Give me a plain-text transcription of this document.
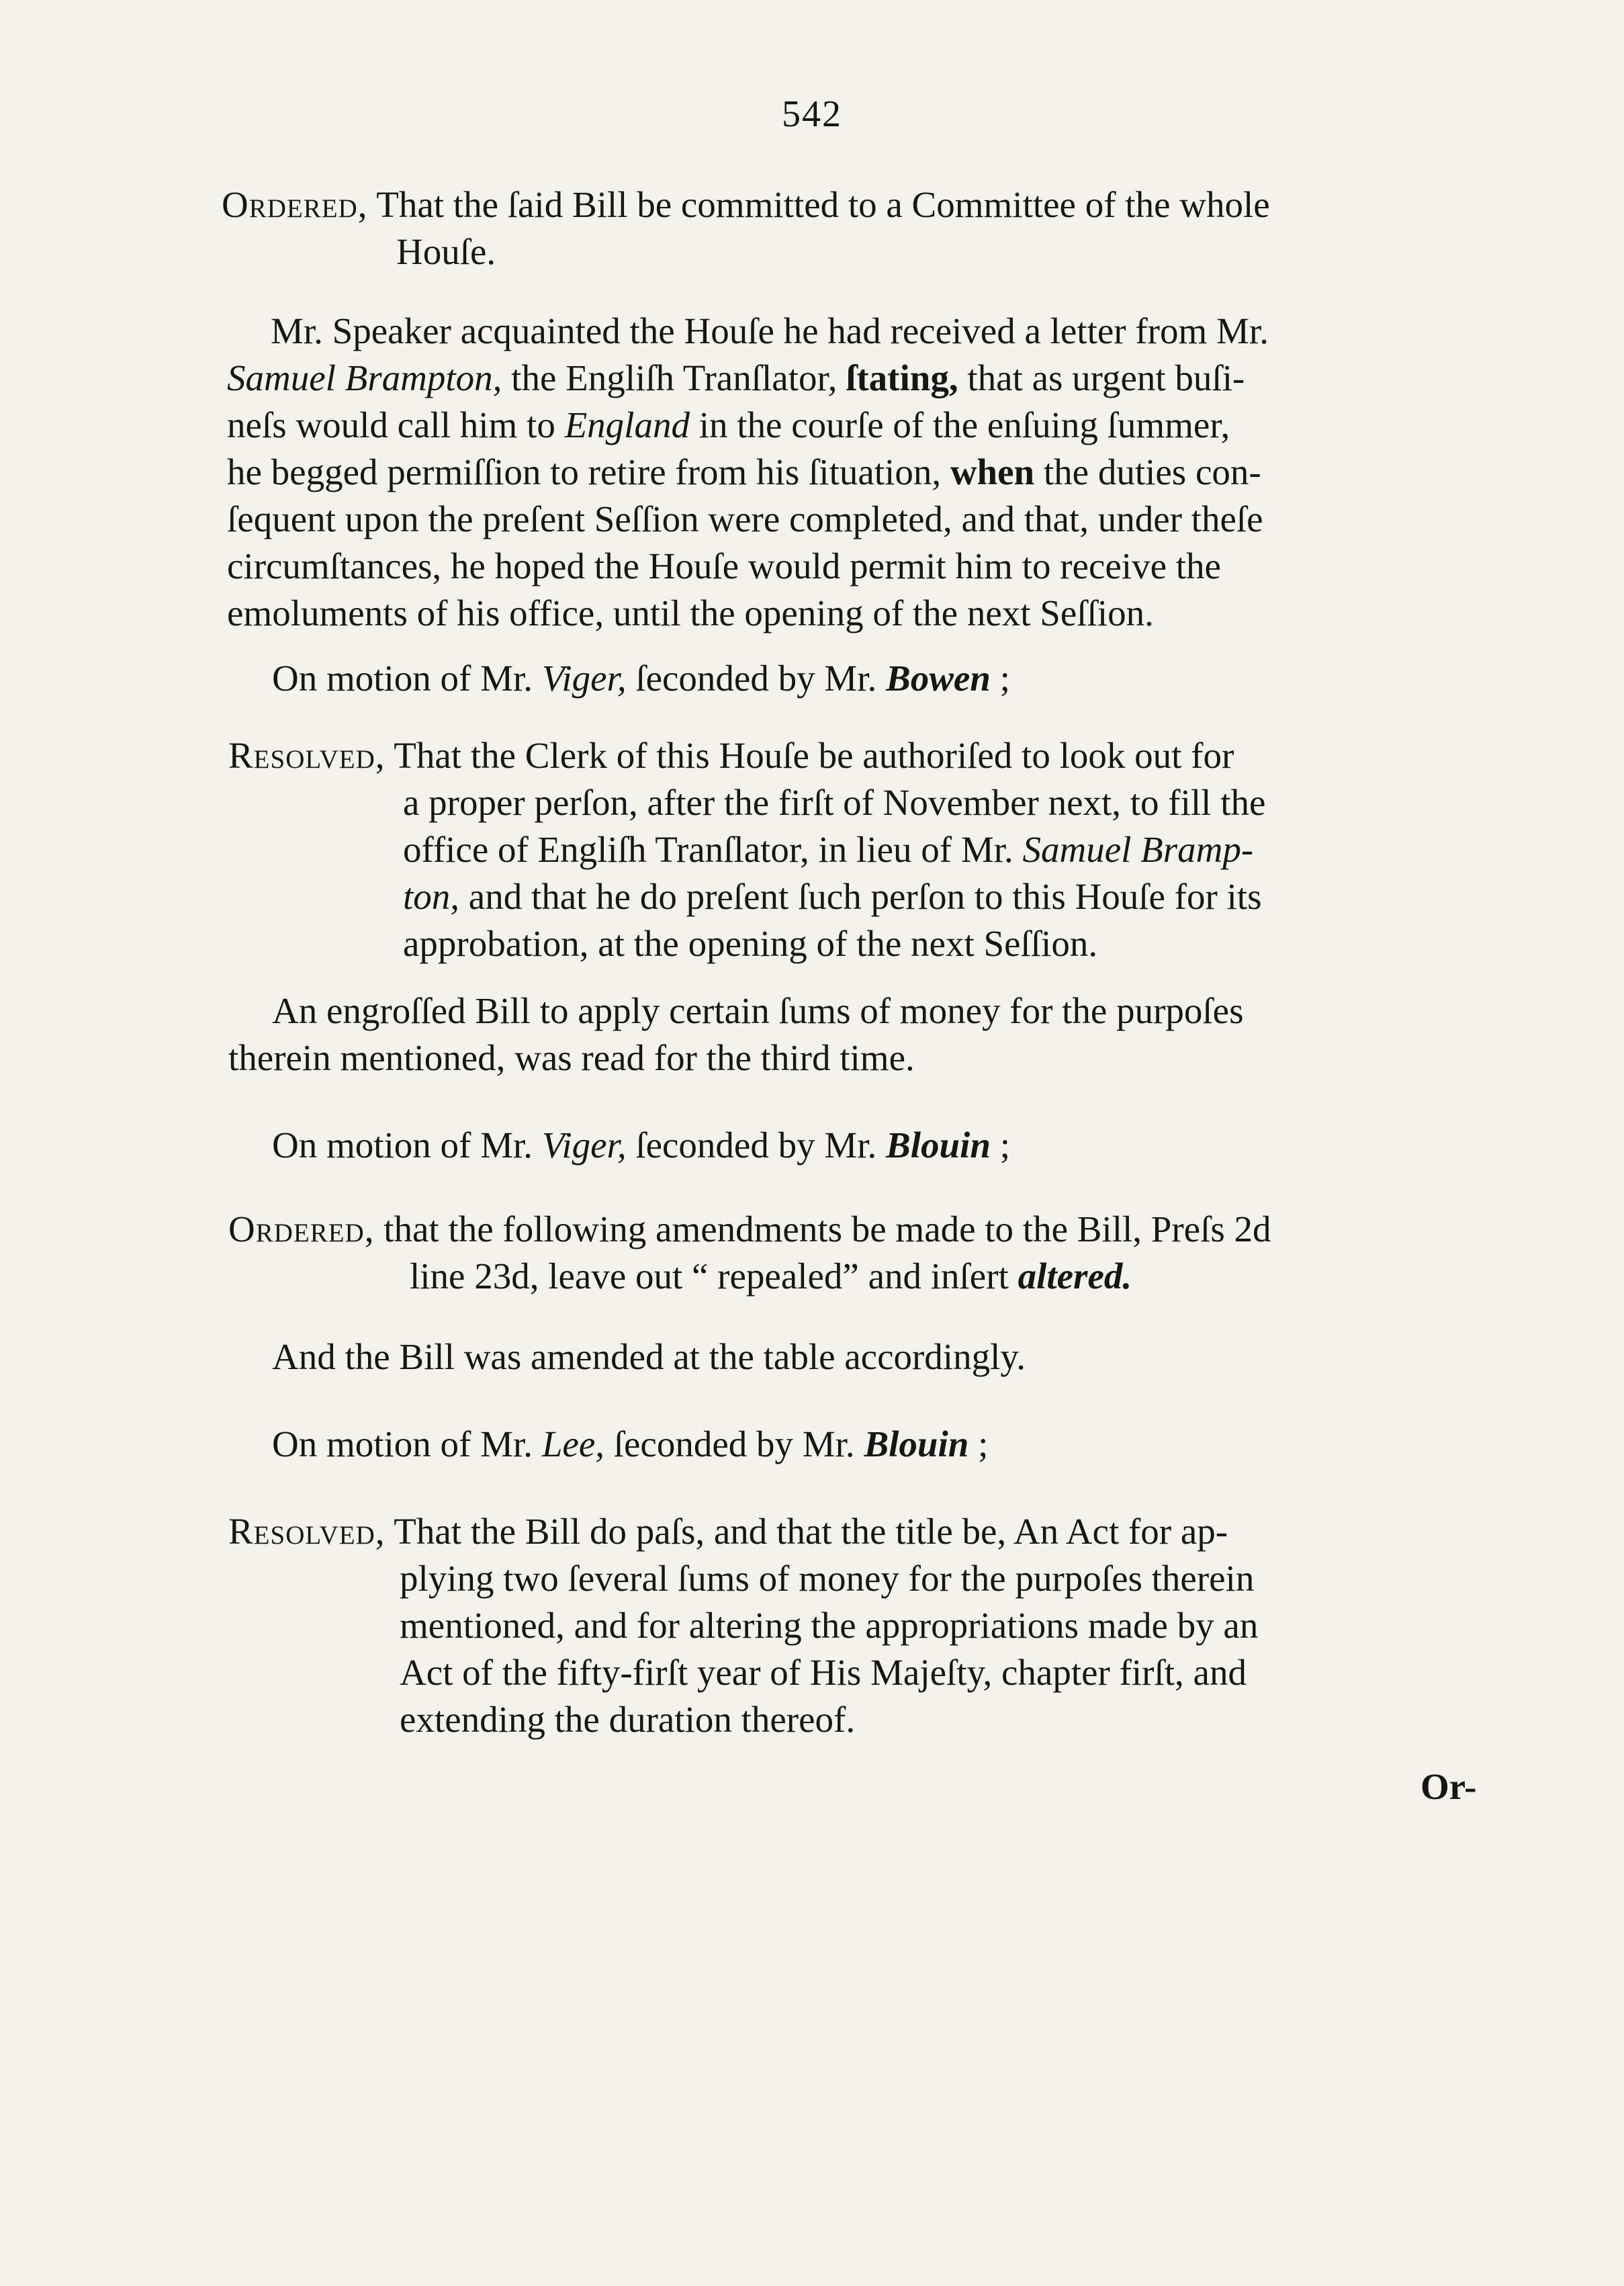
542
Ordered, That the ſaid Bill be committed to a Committee of the whole
Houſe.
Mr. Speaker acquainted the Houſe he had received a letter from Mr.
Samuel Brampton, the Engliſh Tranſlator, ſtating, that as urgent buſi-
neſs would call him to England in the courſe of the enſuing ſummer,
he begged permiſſion to retire from his ſituation, when the duties con-
ſequent upon the preſent Seſſion were completed, and that, under theſe
circumſtances, he hoped the Houſe would permit him to receive the
emoluments of his office, until the opening of the next Seſſion.
On motion of Mr. Viger, ſeconded by Mr. Bowen ;
Resolved, That the Clerk of this Houſe be authoriſed to look out for
a proper perſon, after the firſt of November next, to fill the
office of Engliſh Tranſlator, in lieu of Mr. Samuel Bramp-
ton, and that he do preſent ſuch perſon to this Houſe for its
approbation, at the opening of the next Seſſion.
An engroſſed Bill to apply certain ſums of money for the purpoſes
therein mentioned, was read for the third time.
On motion of Mr. Viger, ſeconded by Mr. Blouin ;
Ordered, that the following amendments be made to the Bill, Preſs 2d
line 23d, leave out “ repealed” and inſert altered.
And the Bill was amended at the table accordingly.
On motion of Mr. Lee, ſeconded by Mr. Blouin ;
Resolved, That the Bill do paſs, and that the title be, An Act for ap-
plying two ſeveral ſums of money for the purpoſes therein
mentioned, and for altering the appropriations made by an
Act of the fifty-firſt year of His Majeſty, chapter firſt, and
extending the duration thereof.
Or-
